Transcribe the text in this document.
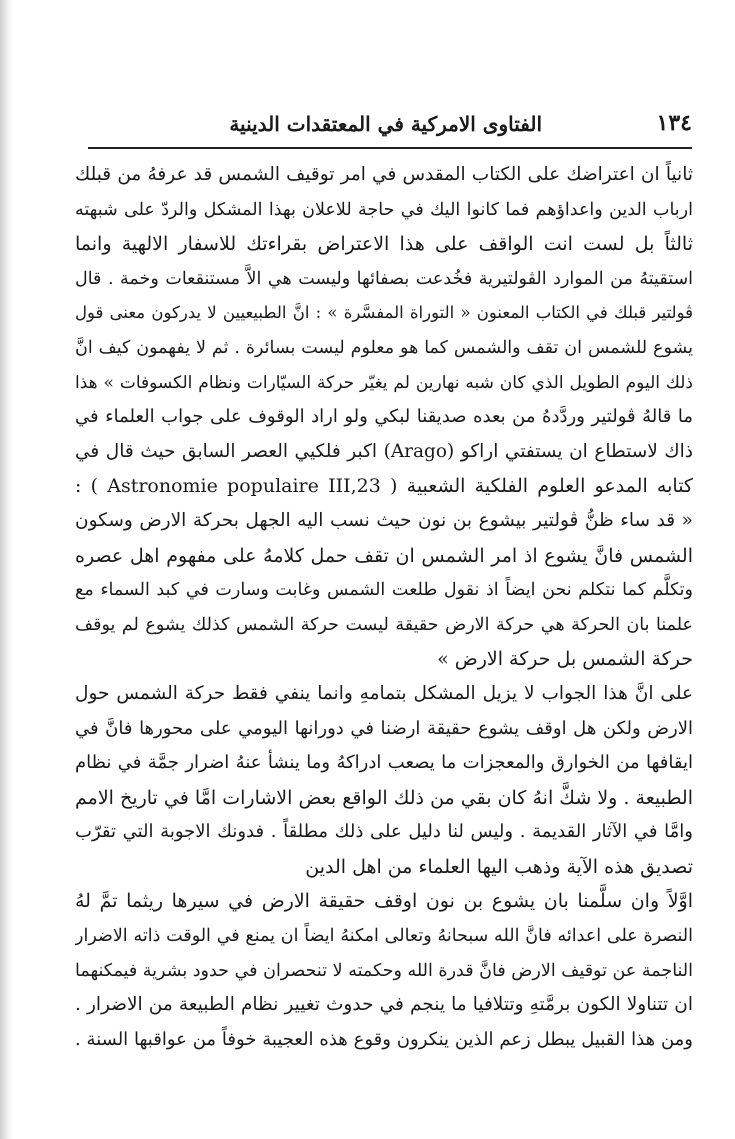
١٣٤
الفتاوى الامركية في المعتقدات الدينية
ثانياً ان اعتراضك على الكتاب المقدس في امر توقيف الشمس قد عرفهُ من قبلك
ارباب الدين واعداؤهم فما كانوا اليك في حاجة للاعلان بهذا المشكل والردّ على شبهته
ثالثاً بل لست انت الواقف على هذا الاعتراض بقراءتك للاسفار الالهية وانما
استقيتهُ من الموارد الڤولتيرية فخُدعت بصفائها وليست هي الاَّ مستنقعات وخمة . قال
ڤولتير قبلك في الكتاب المعنون « التوراة المفسَّرة » : انَّ الطبيعيين لا يدركون معنى قول
يشوع للشمس ان تقف والشمس كما هو معلوم ليست بسائرة . ثم لا يفهمون كيف انَّ
ذلك اليوم الطويل الذي كان شبه نهارين لم يغيّر حركة السيّارات ونظام الكسوفات » هذا
ما قالهُ ڤولتير وردَّدهُ من بعده صديقنا لبكي ولو اراد الوقوف على جواب العلماء في
ذاك لاستطاع ان يستفتي اراكو (Arago) اكبر فلكيي العصر السابق حيث قال في
كتابه المدعو العلوم الفلكية الشعبية ( Astronomie populaire III,23 ) :
« قد ساء ظنُّ ڤولتير بيشوع بن نون حيث نسب اليه الجهل بحركة الارض وسكون
الشمس فانَّ يشوع اذ امر الشمس ان تقف حمل كلامهُ على مفهوم اهل عصره
وتكلَّم كما نتكلم نحن ايضاً اذ نقول طلعت الشمس وغابت وسارت في كبد السماء مع
علمنا بان الحركة هي حركة الارض حقيقة ليست حركة الشمس كذلك يشوع لم يوقف
حركة الشمس بل حركة الارض »
على انَّ هذا الجواب لا يزيل المشكل بتمامهِ وانما ينفي فقط حركة الشمس حول
الارض ولكن هل اوقف يشوع حقيقة ارضنا في دورانها اليومي على محورها فانَّ في
ايقافها من الخوارق والمعجزات ما يصعب ادراكهُ وما ينشأ عنهُ اضرار جمَّة في نظام
الطبيعة . ولا شكَّ انهُ كان بقي من ذلك الواقع بعض الاشارات امَّا في تاريخ الامم
وامَّا في الآثار القديمة . وليس لنا دليل على ذلك مطلقاً . فدونك الاجوبة التي تقرّب
تصديق هذه الآية وذهب اليها العلماء من اهل الدين
اوَّلاً وان سلَّمنا بان يشوع بن نون اوقف حقيقة الارض في سيرها ريثما تمَّ لهُ
النصرة على اعدائه فانَّ الله سبحانهُ وتعالى امكنهُ ايضاً ان يمنع في الوقت ذاته الاضرار
الناجمة عن توقيف الارض فانَّ قدرة الله وحكمته لا تنحصران في حدود بشرية فيمكنهما
ان تتناولا الكون برمَّتهِ وتتلافيا ما ينجم في حدوث تغيير نظام الطبيعة من الاضرار .
ومن هذا القبيل يبطل زعم الذين ينكرون وقوع هذه العجيبة خوفاً من عواقبها السنة .
